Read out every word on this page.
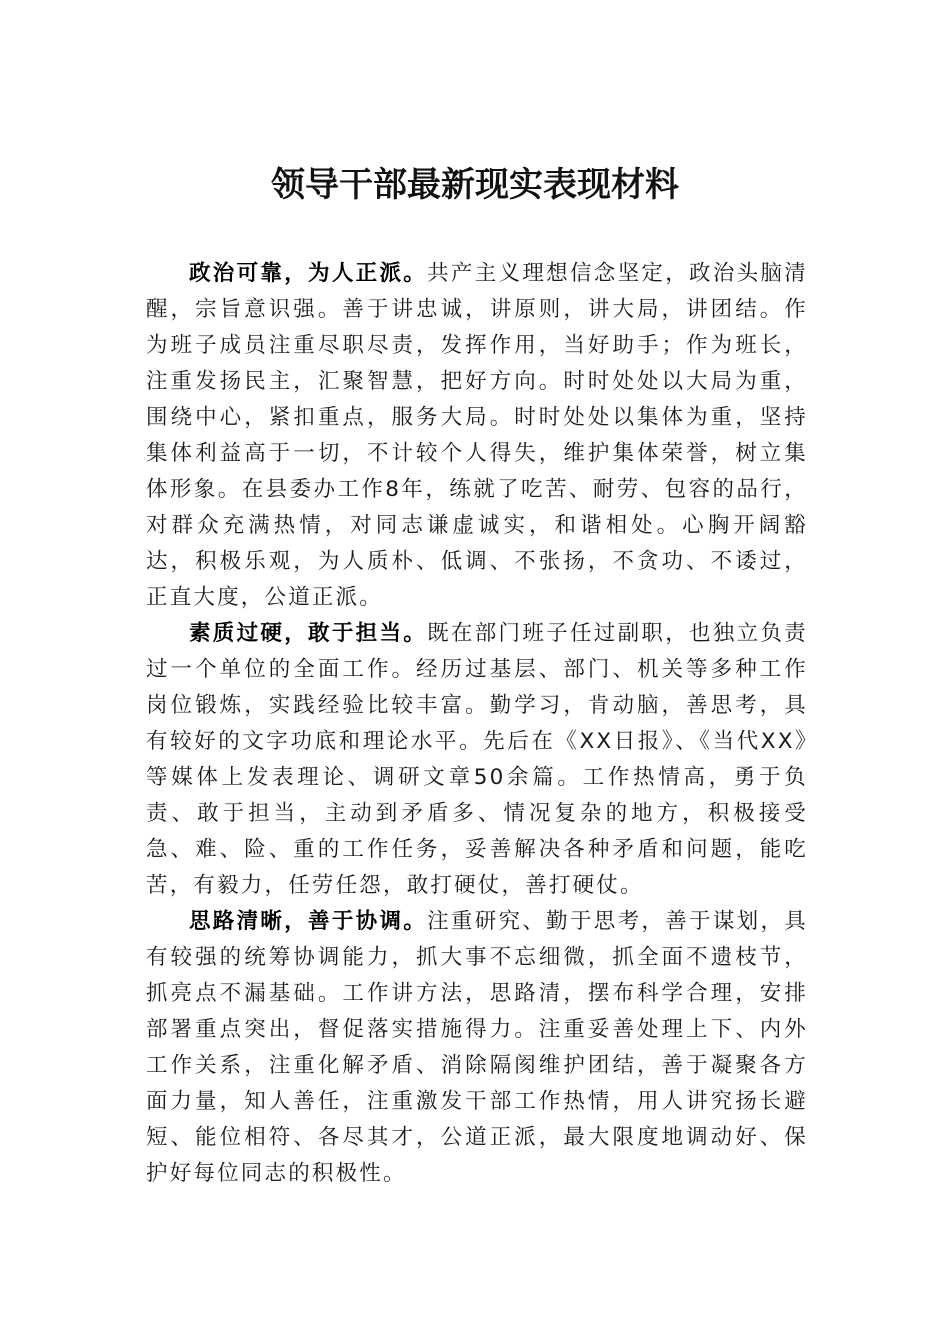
领导干部最新现实表现材料

政治可靠，为人正派。共产主义理想信念坚定，政治头脑清醒，宗旨意识强。善于讲忠诚，讲原则，讲大局，讲团结。作为班子成员注重尽职尽责，发挥作用，当好助手；作为班长，注重发扬民主，汇聚智慧，把好方向。时时处处以大局为重，围绕中心，紧扣重点，服务大局。时时处处以集体为重，坚持集体利益高于一切，不计较个人得失，维护集体荣誉，树立集体形象。在县委办工作8年，练就了吃苦、耐劳、包容的品行，对群众充满热情，对同志谦虚诚实，和谐相处。心胸开阔豁达，积极乐观，为人质朴、低调、不张扬，不贪功、不诿过，正直大度，公道正派。

素质过硬，敢于担当。既在部门班子任过副职，也独立负责过一个单位的全面工作。经历过基层、部门、机关等多种工作岗位锻炼，实践经验比较丰富。勤学习，肯动脑，善思考，具有较好的文字功底和理论水平。先后在《XX日报》、《当代XX》等媒体上发表理论、调研文章50余篇。工作热情高，勇于负责、敢于担当，主动到矛盾多、情况复杂的地方，积极接受急、难、险、重的工作任务，妥善解决各种矛盾和问题，能吃苦，有毅力，任劳任怨，敢打硬仗，善打硬仗。

思路清晰，善于协调。注重研究、勤于思考，善于谋划，具有较强的统筹协调能力，抓大事不忘细微，抓全面不遗枝节，抓亮点不漏基础。工作讲方法，思路清，摆布科学合理，安排部署重点突出，督促落实措施得力。注重妥善处理上下、内外工作关系，注重化解矛盾、消除隔阂维护团结，善于凝聚各方面力量，知人善任，注重激发干部工作热情，用人讲究扬长避短、能位相符、各尽其才，公道正派，最大限度地调动好、保护好每位同志的积极性。
